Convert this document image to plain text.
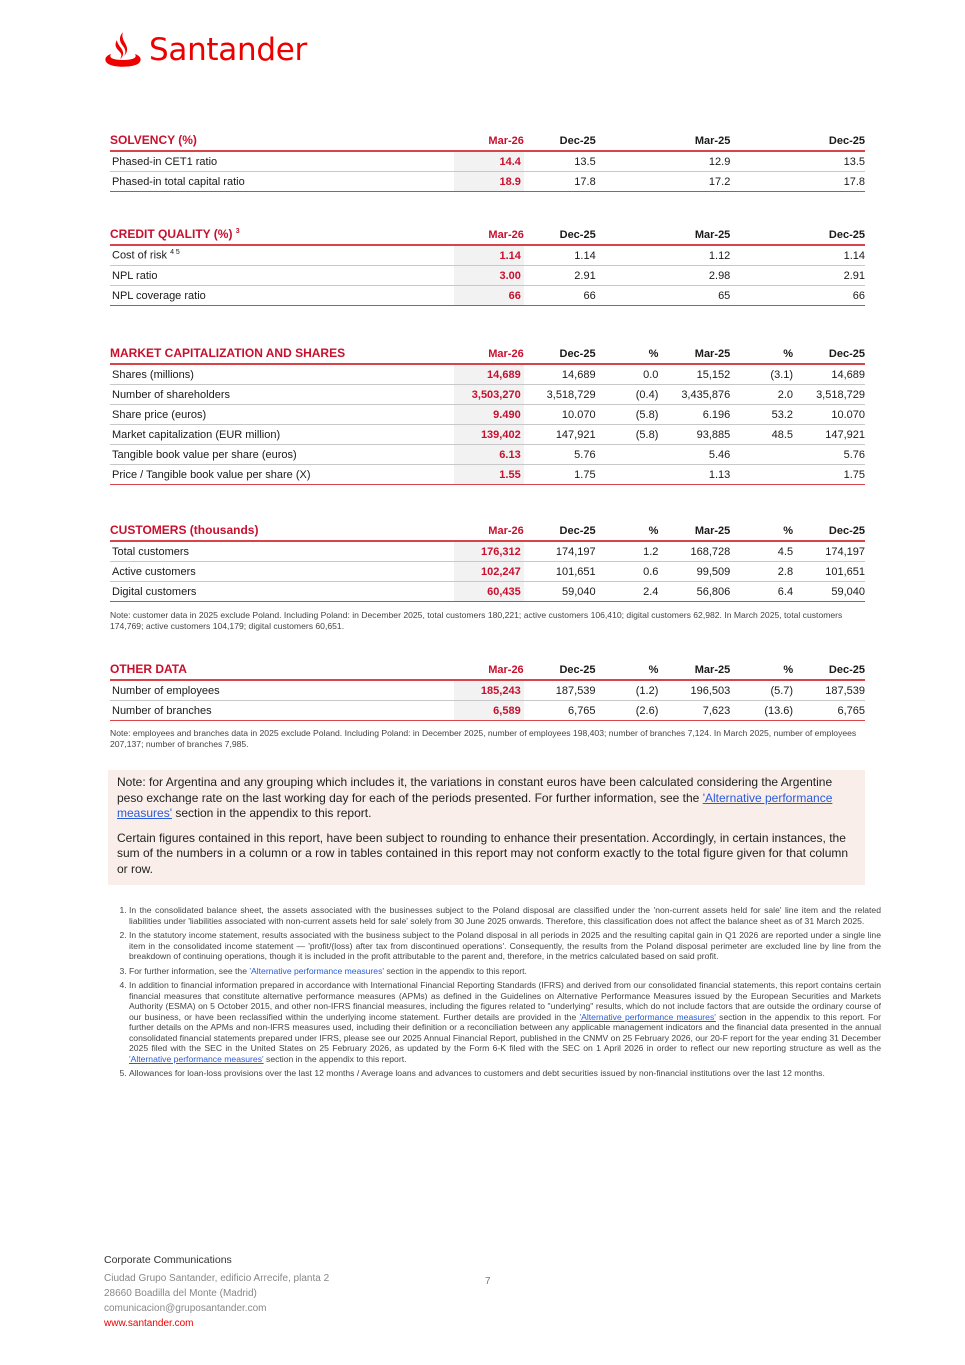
Santander
SOLVENCY (%)	Mar-26	Dec-25		Mar-25		Dec-25
Phased-in CET1 ratio	14.4	13.5		12.9		13.5
Phased-in total capital ratio	18.9	17.8		17.2		17.8
CREDIT QUALITY (%) $^3$	Mar-26	Dec-25		Mar-25		Dec-25
Cost of risk $^{4 5}$	1.14	1.14		1.12		1.14
NPL ratio	3.00	2.91		2.98		2.91
NPL coverage ratio	66	66		65		66
MARKET CAPITALIZATION AND SHARES	Mar-26	Dec-25	%	Mar-25	%	Dec-25
Shares (millions)	14,689	14,689	0.0	15,152	(3.1)	14,689
Number of shareholders	3,503,270	3,518,729	(0.4)	3,435,876	2.0	3,518,729
Share price (euros)	9.490	10.070	(5.8)	6.196	53.2	10.070
Market capitalization (EUR million)	139,402	147,921	(5.8)	93,885	48.5	147,921
Tangible book value per share (euros)	6.13	5.76		5.46		5.76
Price / Tangible book value per share (X)	1.55	1.75		1.13		1.75
CUSTOMERS (thousands)	Mar-26	Dec-25	%	Mar-25	%	Dec-25
Total customers	176,312	174,197	1.2	168,728	4.5	174,197
Active customers	102,247	101,651	0.6	99,509	2.8	101,651
Digital customers	60,435	59,040	2.4	56,806	6.4	59,040
Note: customer data in 2025 exclude Poland. Including Poland: in December 2025, total customers 180,221; active customers 106,410; digital customers 62,982. In March 2025, total customers 174,769; active customers 104,179; digital customers 60,651.
OTHER DATA	Mar-26	Dec-25	%	Mar-25	%	Dec-25
Number of employees	185,243	187,539	(1.2)	196,503	(5.7)	187,539
Number of branches	6,589	6,765	(2.6)	7,623	(13.6)	6,765
Note: employees and branches data in 2025 exclude Poland. Including Poland: in December 2025, number of employees 198,403; number of branches 7,124. In March 2025, number of employees 207,137; number of branches 7,985.

Note: for Argentina and any grouping which includes it, the variations in constant euros have been calculated considering the Argentine peso exchange rate on the last working day for each of the periods presented. For further information, see the 'Alternative performance measures' section in the appendix to this report.

Certain figures contained in this report, have been subject to rounding to enhance their presentation. Accordingly, in certain instances, the sum of the numbers in a column or a row in tables contained in this report may not conform exactly to the total figure given for that column or row.

1. In the consolidated balance sheet, the assets associated with the businesses subject to the Poland disposal are classified under the 'non-current assets held for sale' line item and the related liabilities under 'liabilities associated with non-current assets held for sale' solely from 30 June 2025 onwards. Therefore, this classification does not affect the balance sheet as of 31 March 2025.
2. In the statutory income statement, results associated with the business subject to the Poland disposal in all periods in 2025 and the resulting capital gain in Q1 2026 are reported under a single line item in the consolidated income statement — 'profit/(loss) after tax from discontinued operations'. Consequently, the results from the Poland disposal perimeter are excluded line by line from the breakdown of continuing operations, though it is included in the profit attributable to the parent and, therefore, in the metrics calculated based on said profit.
3. For further information, see the 'Alternative performance measures' section in the appendix to this report.
4. In addition to financial information prepared in accordance with International Financial Reporting Standards (IFRS) and derived from our consolidated financial statements, this report contains certain financial measures that constitute alternative performance measures (APMs) as defined in the Guidelines on Alternative Performance Measures issued by the European Securities and Markets Authority (ESMA) on 5 October 2015, and other non-IFRS financial measures, including the figures related to "underlying" results, which do not include factors that are outside the ordinary course of our business, or have been reclassified within the underlying income statement. Further details are provided in the 'Alternative performance measures' section in the appendix to this report. For further details on the APMs and non-IFRS measures used, including their definition or a reconciliation between any applicable management indicators and the financial data presented in the annual consolidated financial statements prepared under IFRS, please see our 2025 Annual Financial Report, published in the CNMV on 25 February 2026, our 20-F report for the year ending 31 December 2025 filed with the SEC in the United States on 25 February 2026, as updated by the Form 6-K filed with the SEC on 1 April 2026 in order to reflect our new reporting structure as well as the 'Alternative performance measures' section in the appendix to this report.
5. Allowances for loan-loss provisions over the last 12 months / Average loans and advances to customers and debt securities issued by non-financial institutions over the last 12 months.
Corporate Communications
Ciudad Grupo Santander, edificio Arrecife, planta 2
28660 Boadilla del Monte (Madrid)
comunicacion@gruposantander.com
www.santander.com
7
